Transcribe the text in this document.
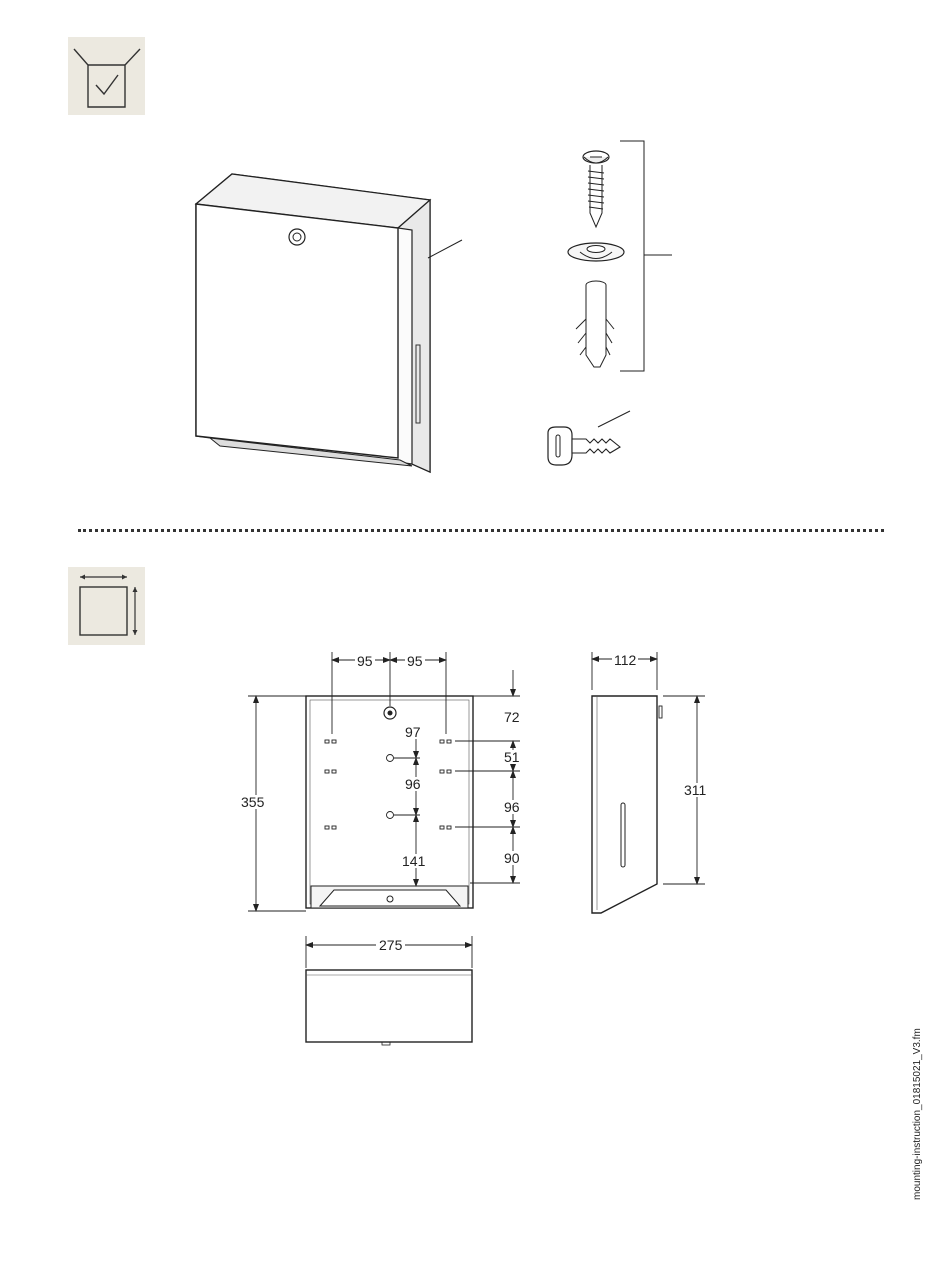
95 95
355
97
96
141
72
51
96
90
112
311
275
mounting-instruction_01815021_V3.fm
